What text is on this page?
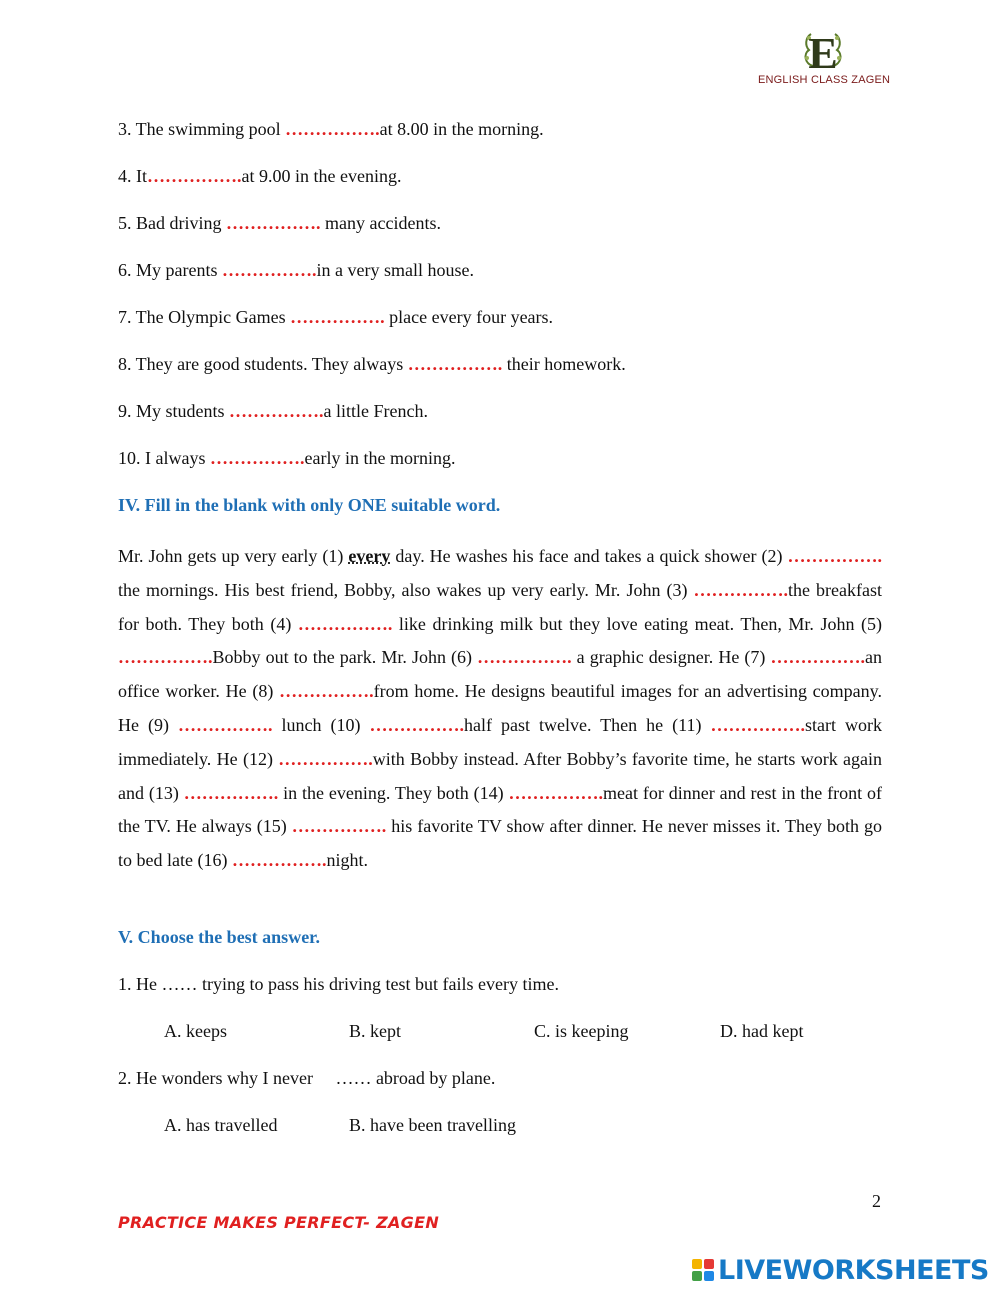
E
ENGLISH CLASS ZAGEN
3. The swimming pool …………….at 8.00 in the morning.
4. It…………….at 9.00 in the evening.
5. Bad driving ……………. many accidents.
6. My parents …………….in a very small house.
7. The Olympic Games ……………. place every four years.
8. They are good students. They always ……………. their homework.
9. My students …………….a little French.
10. I always …………….early in the morning.
IV. Fill in the blank with only ONE suitable word.

Mr. John gets up very early (1) every day. He washes his face and takes a quick shower (2) ……………. the mornings. His best friend, Bobby, also wakes up very early. Mr. John (3) …………….the breakfast for both. They both (4) ……………. like drinking milk but they love eating meat. Then, Mr. John (5) …………….Bobby out to the park. Mr. John (6) ……………. a graphic designer. He (7) …………….an office worker. He (8) …………….from home. He designs beautiful images for an advertising company. He (9) ……………. lunch (10) …………….half past twelve. Then he (11) …………….start work immediately. He (12) …………….with Bobby instead. After Bobby’s favorite time, he starts work again and (13) ……………. in the evening. They both (14) …………….meat for dinner and rest in the front of the TV. He always (15) ……………. his favorite TV show after dinner. He never misses it. They both go to bed late (16) …………….night.

V. Choose the best answer.
1. He …… trying to pass his driving test but fails every time.
A. keeps	B. kept	C. is keeping	D. had kept
2. He wonders why I never     …… abroad by plane.
A. has travelled	B. have been travelling
2
PRACTICE MAKES PERFECT- ZAGEN
LIVEWORKSHEETS
